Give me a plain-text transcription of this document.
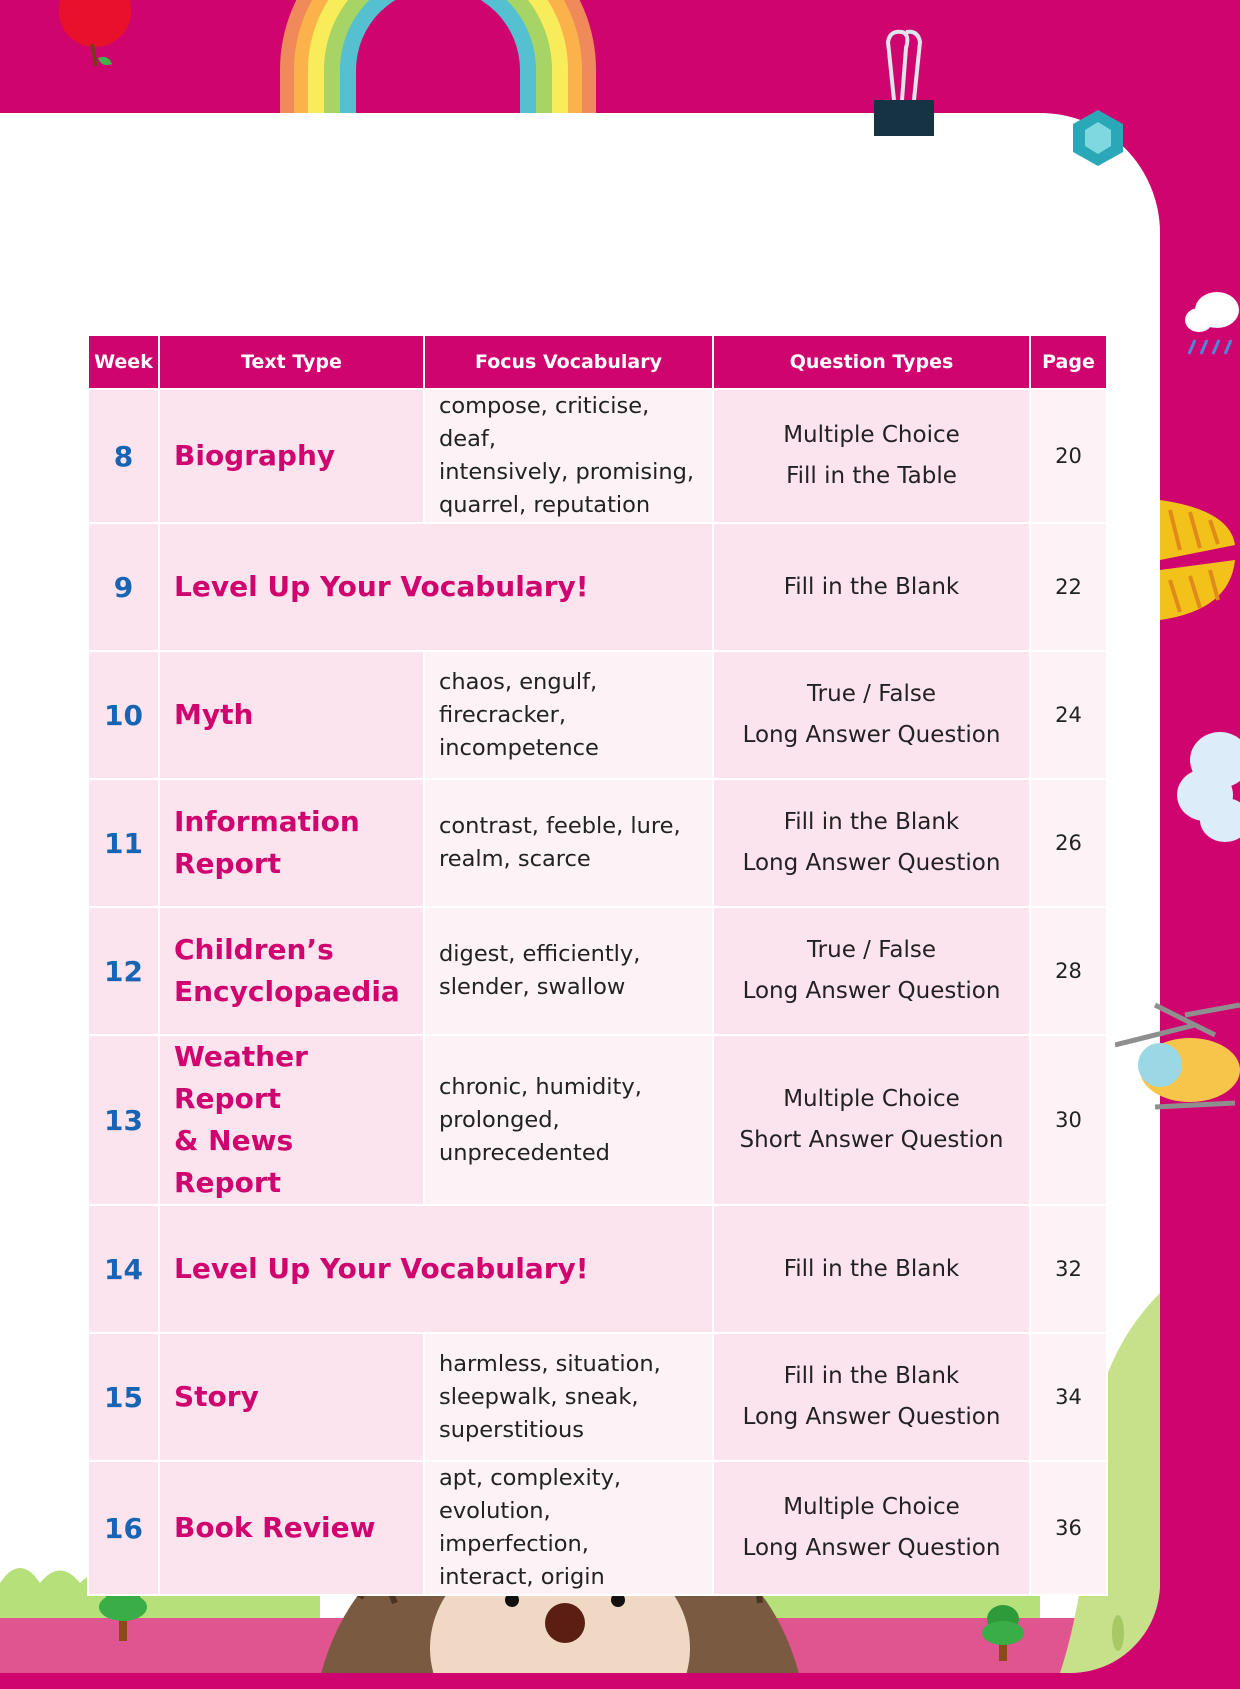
Week	Text Type	Focus Vocabulary	Question Types	Page
8	Biography	compose, criticise, deaf,
intensively, promising,
quarrel, reputation	Multiple Choice
Fill in the Table	20
9	Level Up Your Vocabulary!		Fill in the Blank	22
10	Myth	chaos, engulf,
firecracker,
incompetence	True / False
Long Answer Question	24
11	Information
Report	contrast, feeble, lure,
realm, scarce	Fill in the Blank
Long Answer Question	26
12	Children’s
Encyclopaedia	digest, efficiently,
slender, swallow	True / False
Long Answer Question	28
13	Weather Report
& News Report	chronic, humidity,
prolonged,
unprecedented	Multiple Choice
Short Answer Question	30
14	Level Up Your Vocabulary!		Fill in the Blank	32
15	Story	harmless, situation,
sleepwalk, sneak,
superstitious	Fill in the Blank
Long Answer Question	34
16	Book Review	apt, complexity,
evolution, imperfection,
interact, origin	Multiple Choice
Long Answer Question	36
